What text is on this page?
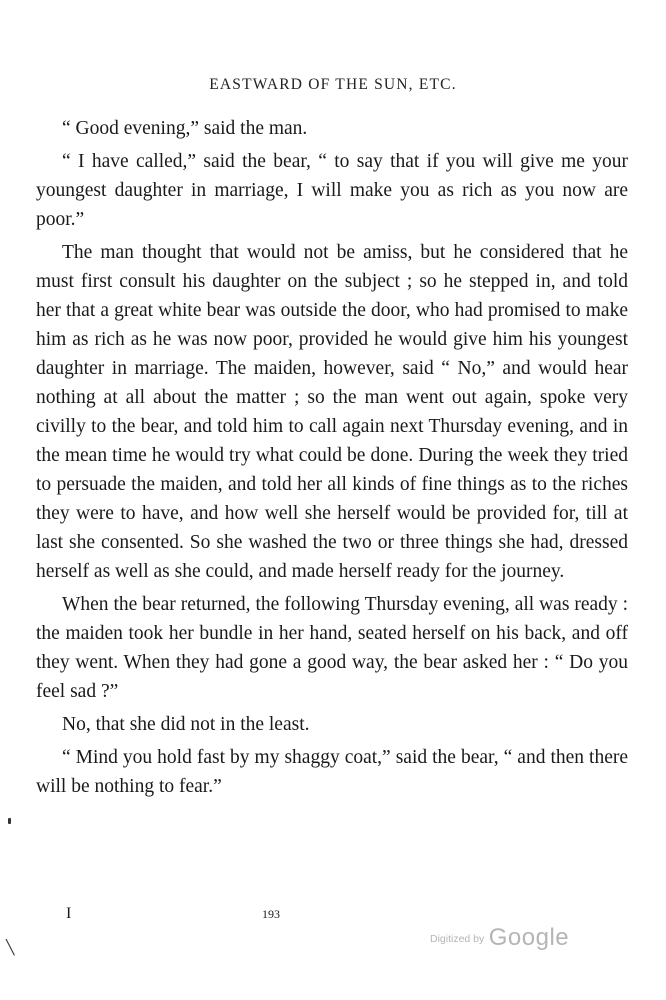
EASTWARD OF THE SUN, ETC.

“ Good evening,” said the man.

“ I have called,” said the bear, “ to say that if you will give me your youngest daughter in marriage, I will make you as rich as you now are poor.”

The man thought that would not be amiss, but he considered that he must first consult his daughter on the subject ; so he stepped in, and told her that a great white bear was outside the door, who had promised to make him as rich as he was now poor, provided he would give him his youngest daughter in marriage. The maiden, however, said “ No,” and would hear nothing at all about the matter ; so the man went out again, spoke very civilly to the bear, and told him to call again next Thursday evening, and in the mean time he would try what could be done. During the week they tried to persuade the maiden, and told her all kinds of fine things as to the riches they were to have, and how well she herself would be provided for, till at last she consented. So she washed the two or three things she had, dressed herself as well as she could, and made herself ready for the journey.

When the bear returned, the following Thursday evening, all was ready : the maiden took her bundle in her hand, seated herself on his back, and off they went. When they had gone a good way, the bear asked her : “ Do you feel sad ?”

No, that she did not in the least.

“ Mind you hold fast by my shaggy coat,” said the bear, “ and then there will be nothing to fear.”

I	193
Digitized by Google
╲
